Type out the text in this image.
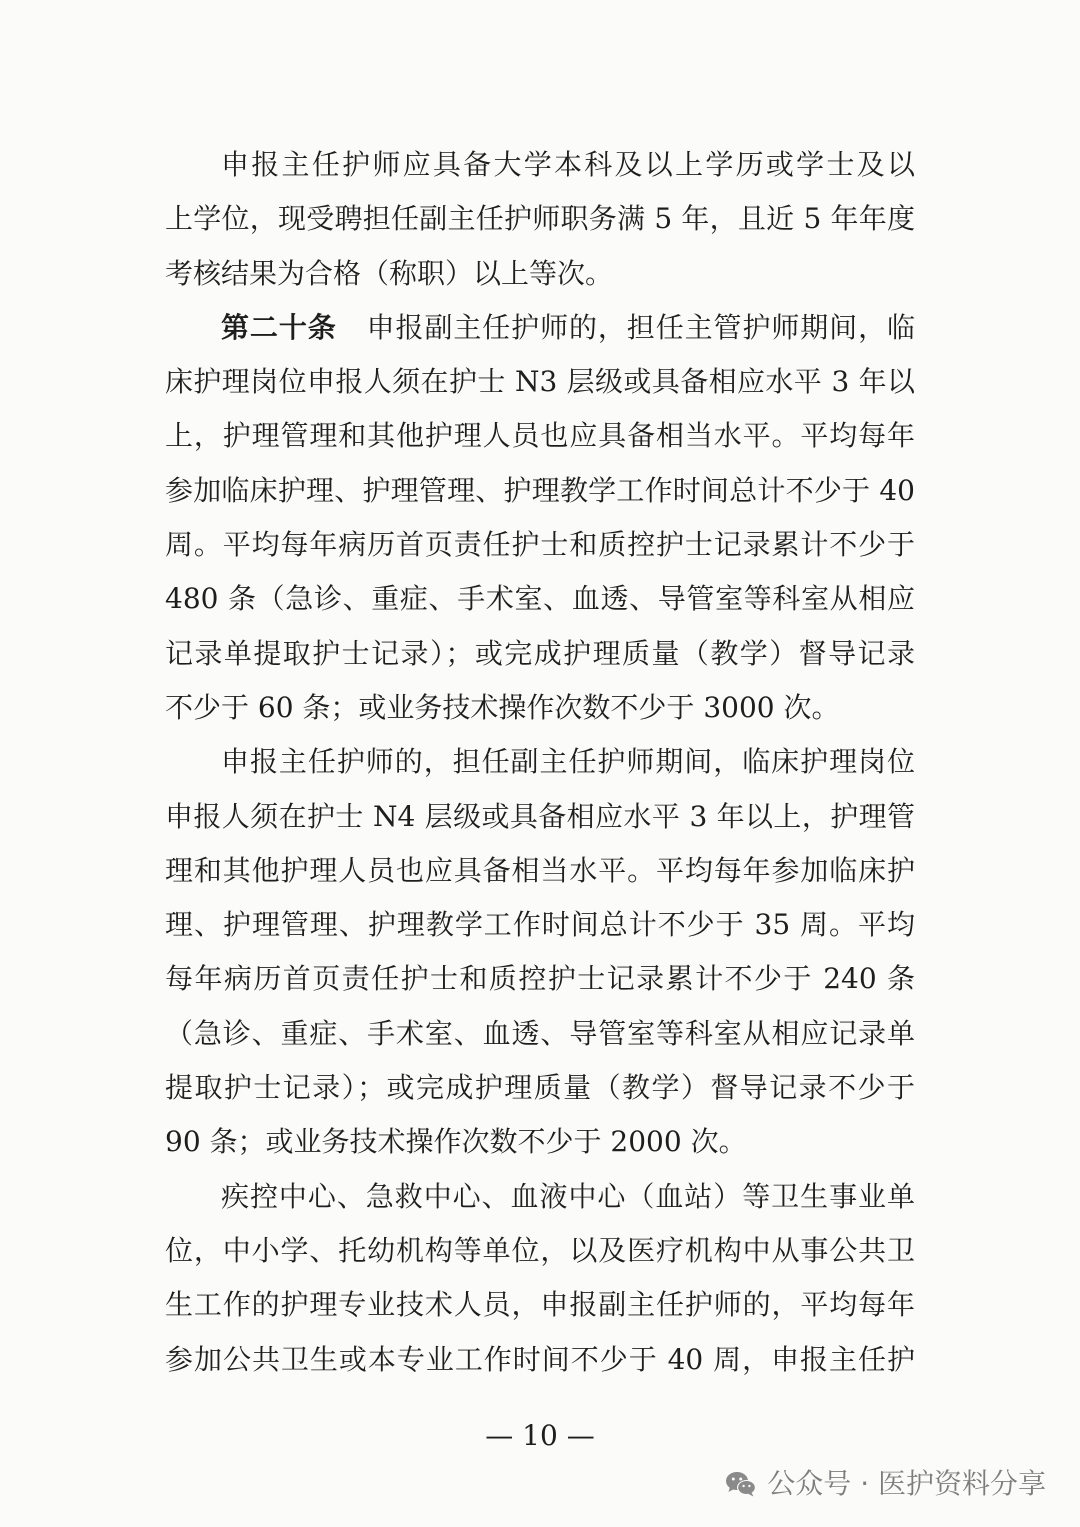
申报主任护师应具备大学本科及以上学历或学士及以
上学位，现受聘担任副主任护师职务满 5 年，且近 5 年年度
考核结果为合格（称职）以上等次。
第二十条 申报副主任护师的，担任主管护师期间，临
床护理岗位申报人须在护士 N3 层级或具备相应水平 3 年以
上，护理管理和其他护理人员也应具备相当水平。平均每年
参加临床护理、护理管理、护理教学工作时间总计不少于 40
周。平均每年病历首页责任护士和质控护士记录累计不少于
480 条（急诊、重症、手术室、血透、导管室等科室从相应
记录单提取护士记录）；或完成护理质量（教学）督导记录
不少于 60 条；或业务技术操作次数不少于 3000 次。
申报主任护师的，担任副主任护师期间，临床护理岗位
申报人须在护士 N4 层级或具备相应水平 3 年以上，护理管
理和其他护理人员也应具备相当水平。平均每年参加临床护
理、护理管理、护理教学工作时间总计不少于 35 周。平均
每年病历首页责任护士和质控护士记录累计不少于 240 条
（急诊、重症、手术室、血透、导管室等科室从相应记录单
提取护士记录）；或完成护理质量（教学）督导记录不少于
90 条；或业务技术操作次数不少于 2000 次。
疾控中心、急救中心、血液中心（血站）等卫生事业单
位，中小学、托幼机构等单位，以及医疗机构中从事公共卫
生工作的护理专业技术人员，申报副主任护师的，平均每年
参加公共卫生或本专业工作时间不少于 40 周，申报主任护
— 10 —
公众号 · 医护资料分享
